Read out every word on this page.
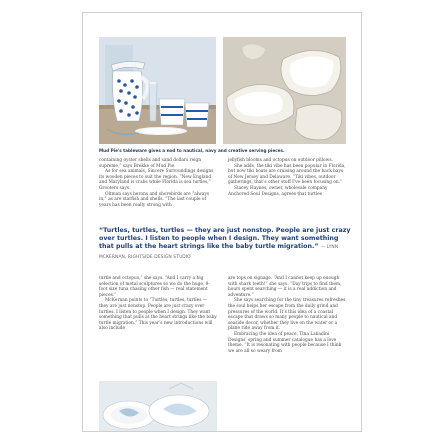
Mud Pie's tableware gives a nod to nautical, navy and creative serving pieces.

containing oyster shells and sand dollars reign supreme,” says Brekke of Mud Pie.

As for sea animals, Sincere Surroundings designs its wooden pieces to suit the region. “New England and Maryland is crabs while Florida is sea turtles,” Grooters says.

Oltman says herons and shorebirds are “always in,” as are starfish and shells. “The last couple of years has been really strong with

jellyfish blooms and octopus on outdoor pillows.

She adds, the tiki vibe has been popular in Florida, but now tiki boats are cruising around the back bays of New Jersey and Delaware. “Tiki vibes, outdoor gatherings, that’s other stuff I’ve been focusing on.”

Stacey Haynes, owner, wholesale company Anchored Soul Designs, agrees that turtles

“Turtles, turtles, turtles — they are just nonstop. People are just crazy over turtles. I listen to people when I design. They want something that pulls at the heart strings like the baby turtle migration.” — LYNN MCKERNAN, RIGHTSIDE DESIGN STUDIO

turtle and octopus,” she says. “And I carry a big selection of metal sculptures so we do the huge, 9-foot size tuna chasing other fish — real statement pieces.”

McKernan points to “Turtles, turtles, turtles — they are just nonstop. People are just crazy over turtles. I listen to people when I design. They want something that pulls at the heart strings like the baby turtle migration.” This year’s new introductions will also include

are tops on signage. “And I cannot keep up enough with shark teeth!” she says. “Day trips to find them, hours spent searching — it is a real addiction and adventure.”

She says searching for the tiny treasures refreshes the soul helps her escape from the daily grind and pressures of the world. It’s this idea of a coastal escape that draws so many people to nautical and seaside decor, whether they live on the water or a plane ride away from it.

Embracing the idea of peace, Tina Labadini Designs’ spring and summer catalogue has a love theme. “It is resonating with people because I think we are all so weary from
